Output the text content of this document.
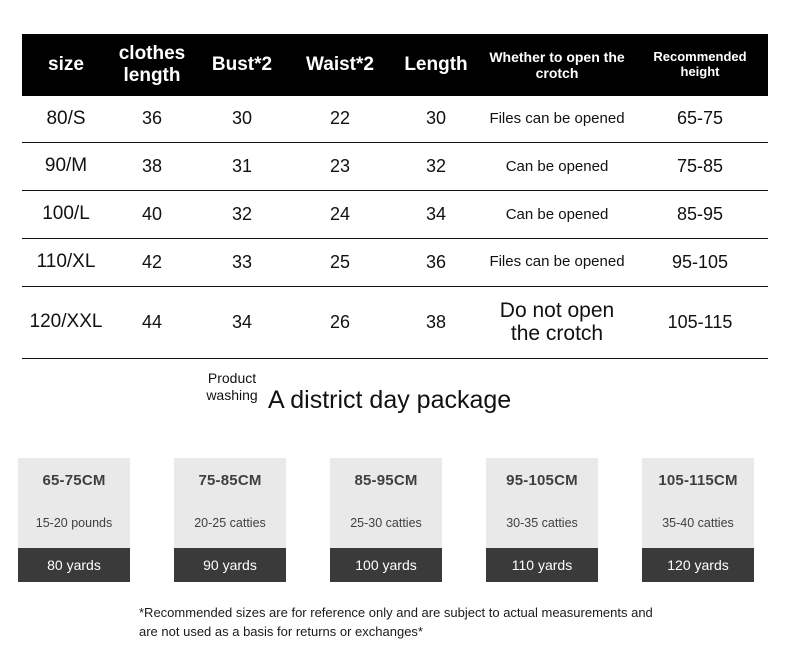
size	clothes length	Bust*2	Waist*2	Length	Whether to open the crotch	Recommended height
80/S	36	30	22	30	Files can be opened	65-75
90/M	38	31	23	32	Can be opened	75-85
100/L	40	32	24	34	Can be opened	85-95
110/XL	42	33	25	36	Files can be opened	95-105
120/XXL	44	34	26	38	Do not open the crotch	105-115
Product washing A district day package
65-75CM
15-20 pounds
80 yards
75-85CM
20-25 catties
90 yards
85-95CM
25-30 catties
100 yards
95-105CM
30-35 catties
110 yards
105-115CM
35-40 catties
120 yards
*Recommended sizes are for reference only and are subject to actual measurements and are not used as a basis for returns or exchanges*
